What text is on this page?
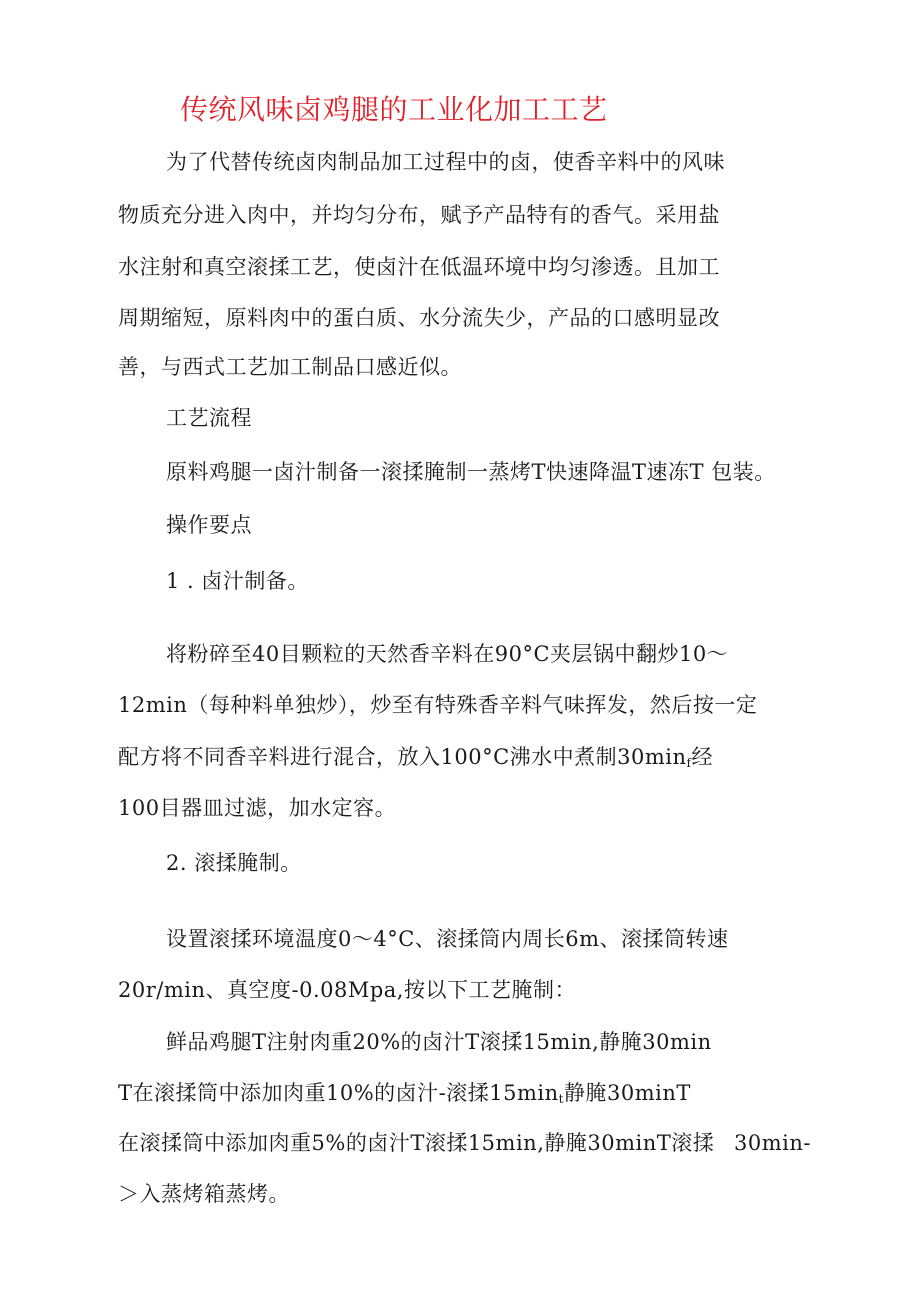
传统风味卤鸡腿的工业化加工工艺
为了代替传统卤肉制品加工过程中的卤，使香辛料中的风味
物质充分进入肉中，并均匀分布，赋予产品特有的香气。采用盐
水注射和真空滚揉工艺，使卤汁在低温环境中均匀渗透。且加工
周期缩短，原料肉中的蛋白质、水分流失少，产品的口感明显改
善，与西式工艺加工制品口感近似。
工艺流程
原料鸡腿一卤汁制备一滚揉腌制一蒸烤T快速降温T速冻T 包装。
操作要点
1 . 卤汁制备。
将粉碎至40目颗粒的天然香辛料在90°C夹层锅中翻炒10～
12min（每种料单独炒），炒至有特殊香辛料气味挥发，然后按一定
配方将不同香辛料进行混合，放入100°C沸水中煮制$30\min_f$经
100目器皿过滤，加水定容。
2. 滚揉腌制。
设置滚揉环境温度0～4°C、滚揉筒内周长6m、滚揉筒转速
20r/min、真空度-0.08Mpa,按以下工艺腌制：
鲜品鸡腿T注射肉重20%的卤汁T滚揉15min,静腌30min
T在滚揉筒中添加肉重10%的卤汁-滚揉$15\min_t$静腌30minT
在滚揉筒中添加肉重5%的卤汁T滚揉15min,静腌30minT滚揉 30min-
＞入蒸烤箱蒸烤。
